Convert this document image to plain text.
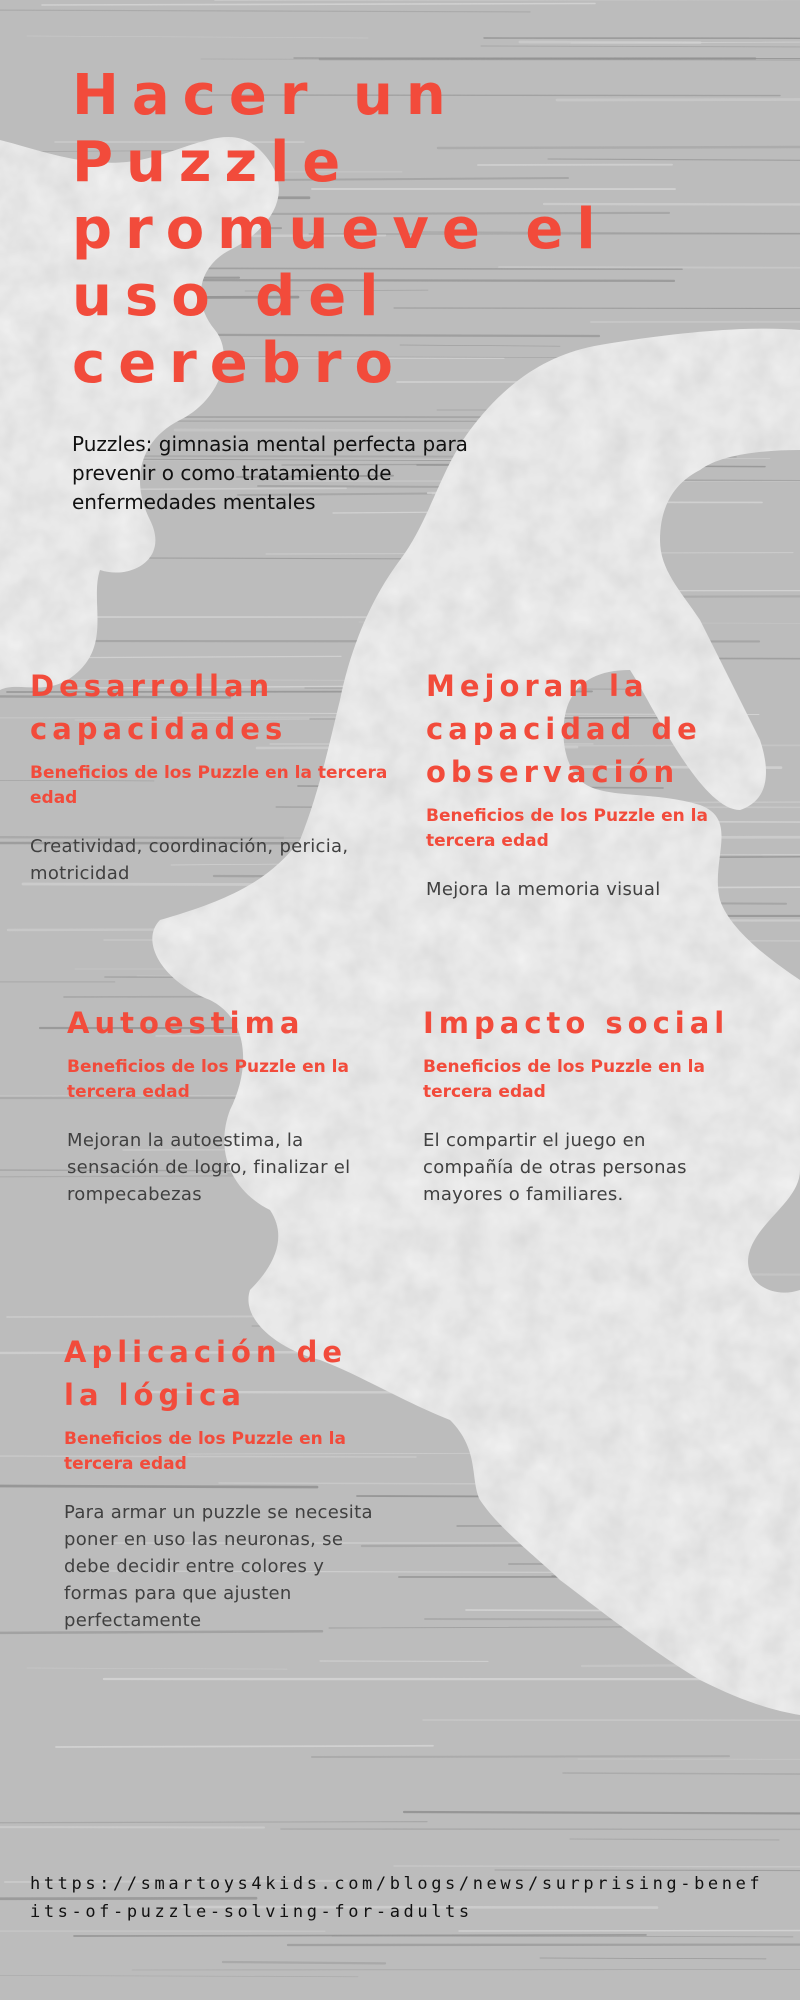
Hacer un Puzzle promueve el uso del cerebro

Puzzles: gimnasia mental perfecta para prevenir o como tratamiento de enfermedades mentales

Desarrollan capacidades

Beneficios de los Puzzle en la tercera edad

Creatividad, coordinación, pericia, motricidad

Mejoran la capacidad de observación

Beneficios de los Puzzle en la tercera edad

Mejora la memoria visual

Autoestima

Beneficios de los Puzzle en la tercera edad

Mejoran la autoestima, la sensación de logro, finalizar el rompecabezas

Impacto social

Beneficios de los Puzzle en la tercera edad

El compartir el juego en compañía de otras personas mayores o familiares.

Aplicación de la lógica

Beneficios de los Puzzle en la tercera edad

Para armar un puzzle se necesita poner en uso las neuronas, se debe decidir entre colores y formas para que ajusten perfectamente

https://smartoys4kids.com/blogs/news/surprising-benefits-of-puzzle-solving-for-adults
